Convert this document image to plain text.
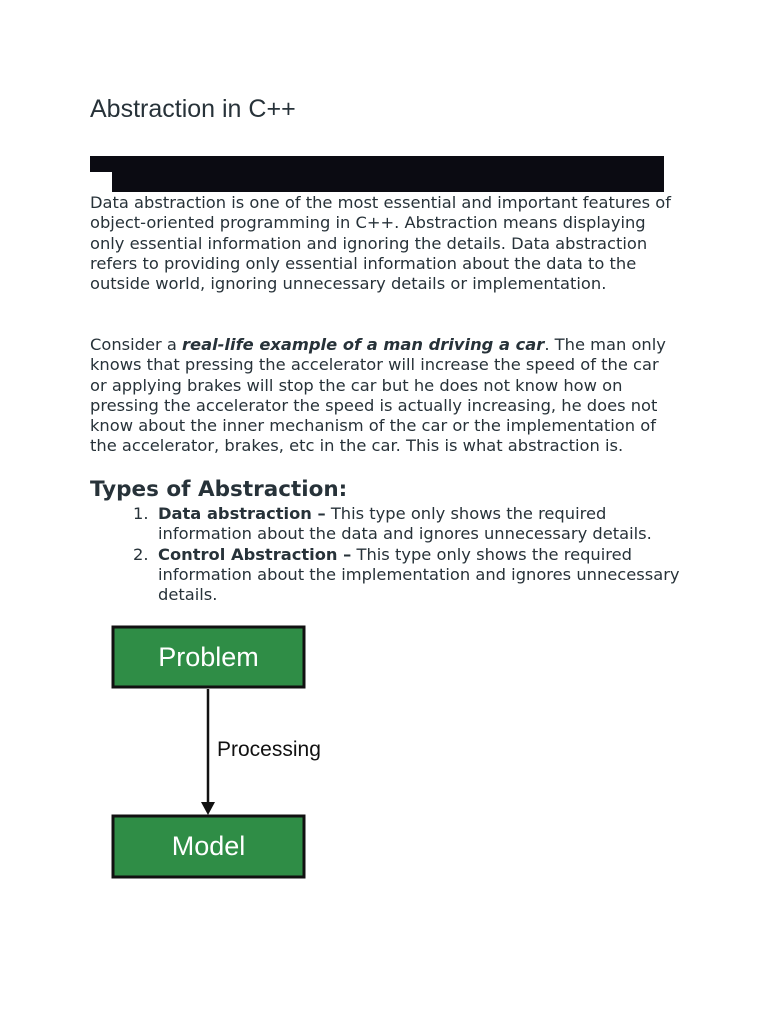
Abstraction in C++

Data abstraction is one of the most essential and important features of object-oriented programming in C++. Abstraction means displaying only essential information and ignoring the details. Data abstraction refers to providing only essential information about the data to the outside world, ignoring unnecessary details or implementation.

Consider a real-life example of a man driving a car. The man only knows that pressing the accelerator will increase the speed of the car or applying brakes will stop the car but he does not know how on pressing the accelerator the speed is actually increasing, he does not know about the inner mechanism of the car or the implementation of the accelerator, brakes, etc in the car. This is what abstraction is.

Types of Abstraction:
1. Data abstraction – This type only shows the required information about the data and ignores unnecessary details.
2. Control Abstraction – This type only shows the required information about the implementation and ignores unnecessary details.
Problem
Processing
Model
